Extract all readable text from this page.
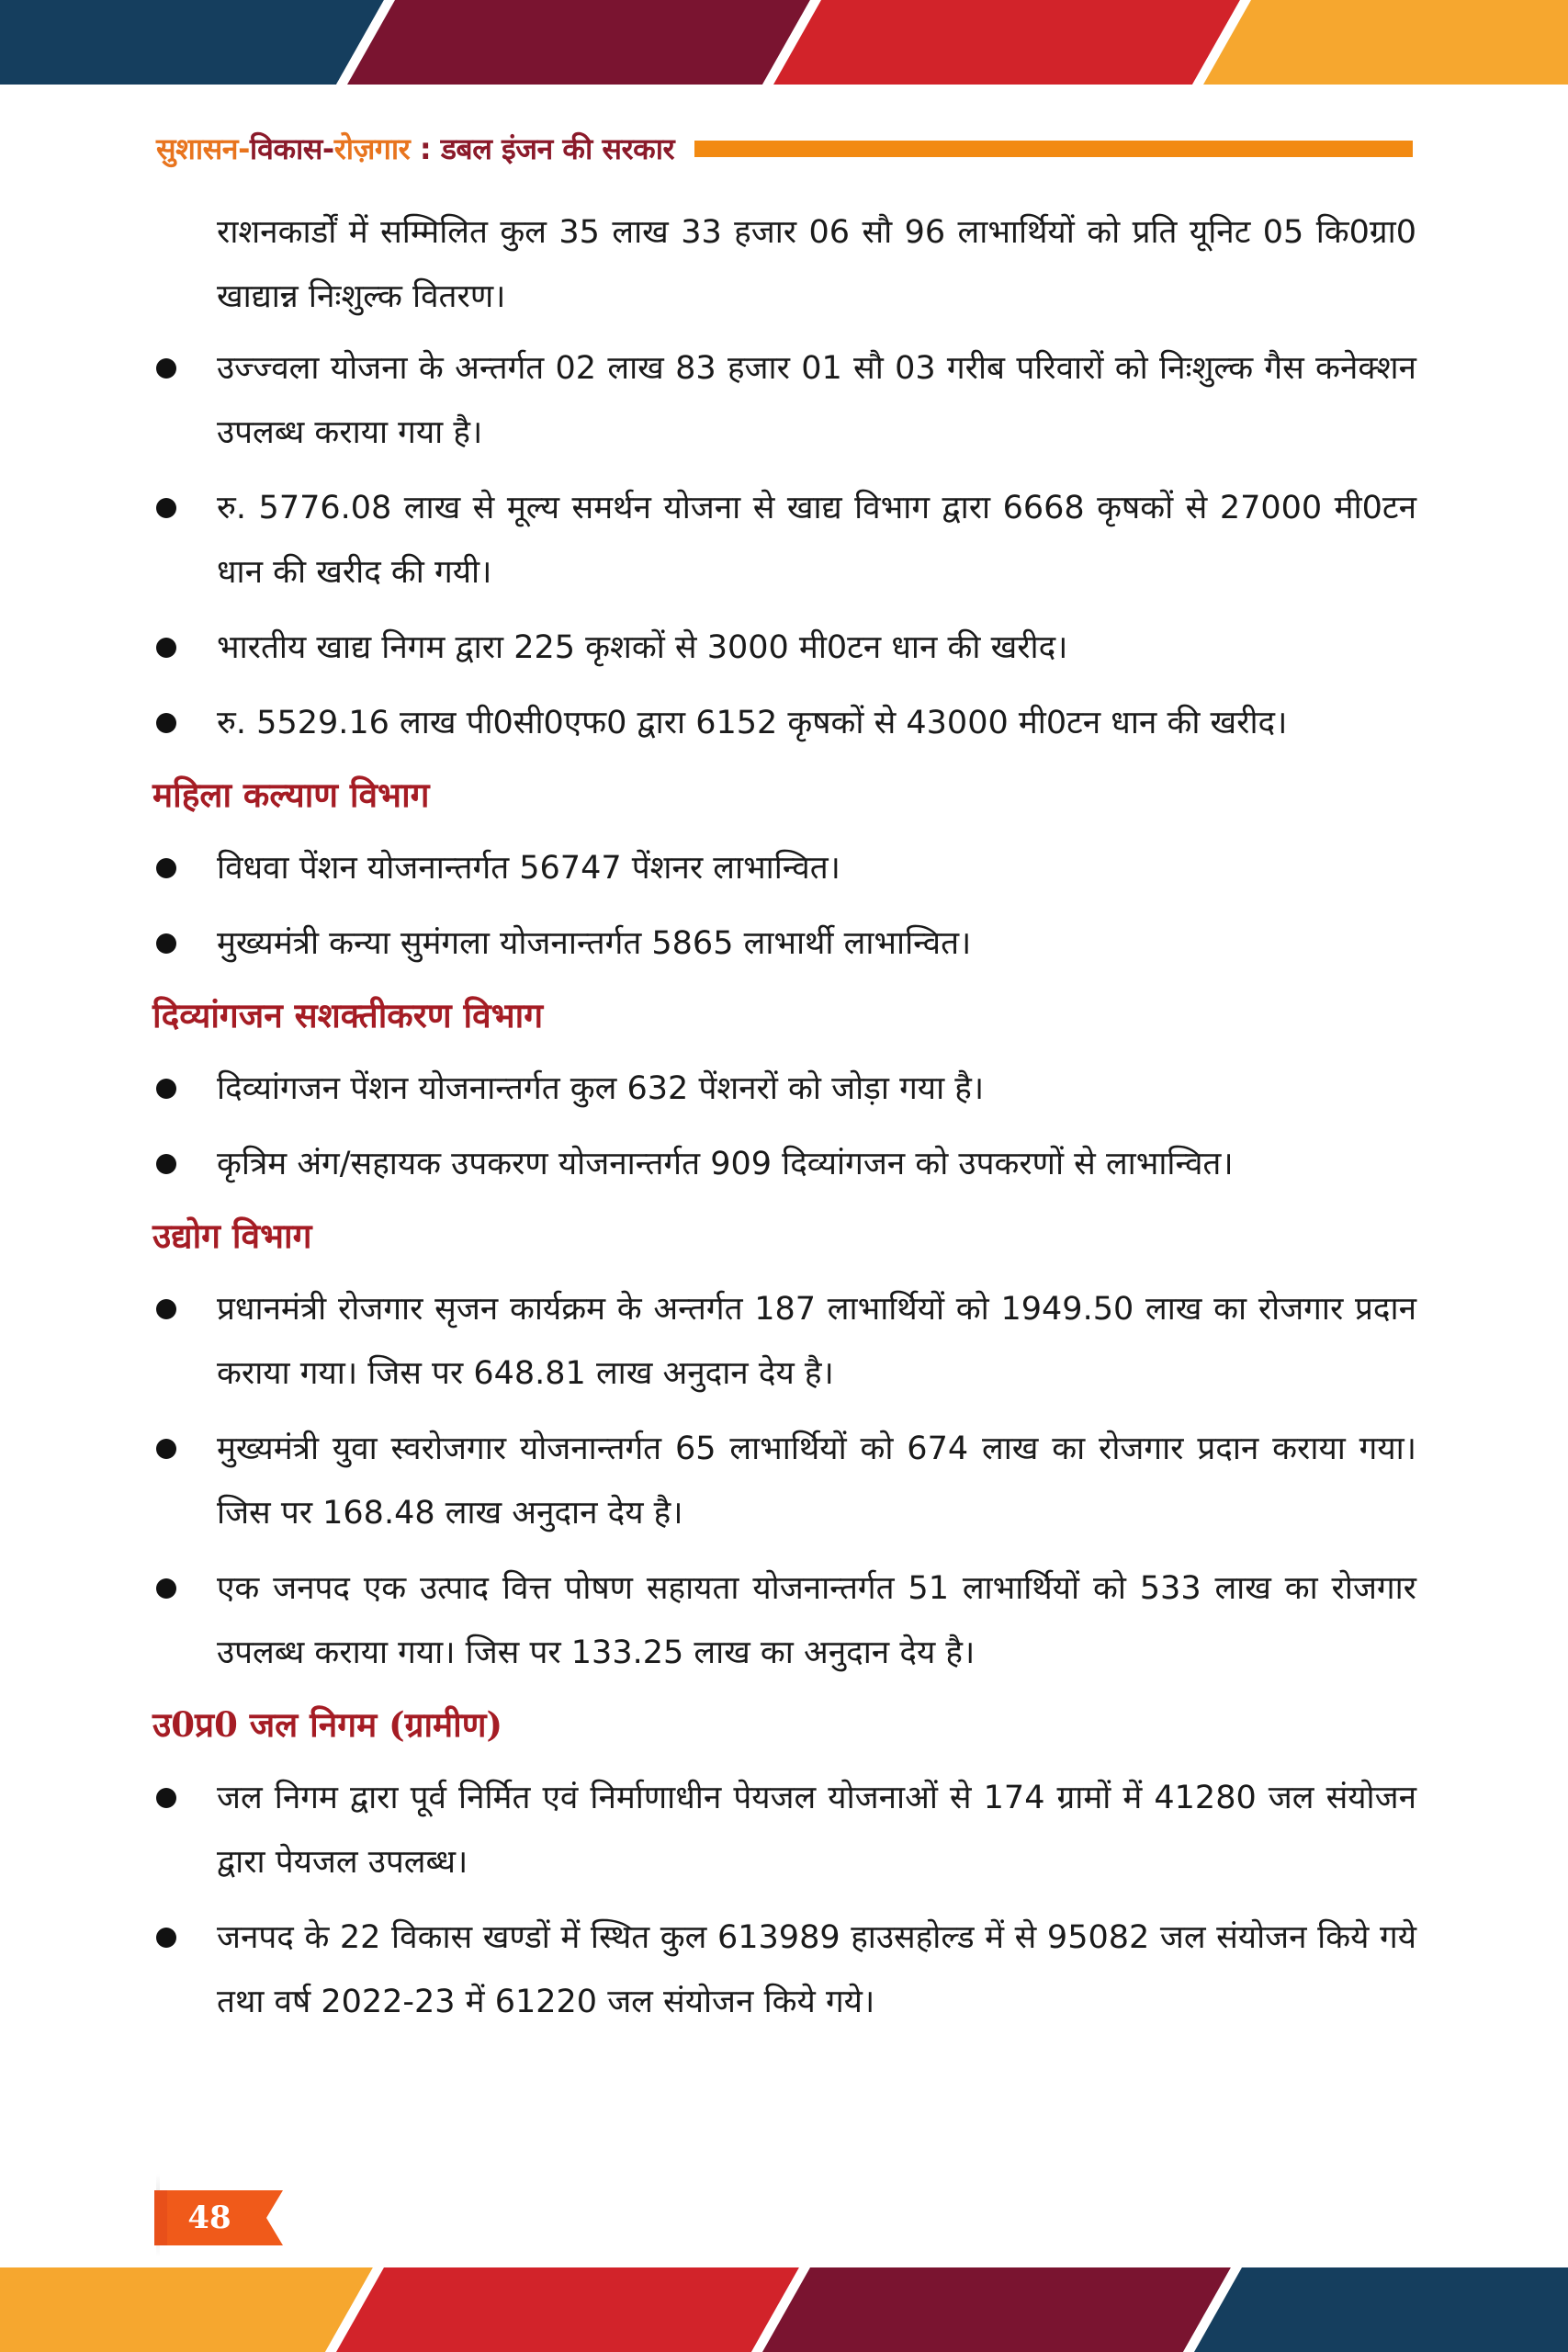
सुशासन-विकास-रोज़गार : डबल इंजन की सरकार
राशनकार्डों में सम्मिलित कुल 35 लाख 33 हजार 06 सौ 96 लाभार्थियों को प्रति यूनिट 05 कि0ग्रा0 खाद्यान्न निःशुल्क वितरण।
उज्ज्वला योजना के अन्तर्गत 02 लाख 83 हजार 01 सौ 03 गरीब परिवारों को निःशुल्क गैस कनेक्शन उपलब्ध कराया गया है।
रु. 5776.08 लाख से मूल्य समर्थन योजना से खाद्य विभाग द्वारा 6668 कृषकों से 27000 मी0टन धान की खरीद की गयी।
भारतीय खाद्य निगम द्वारा 225 कृशकों से 3000 मी0टन धान की खरीद।
रु. 5529.16 लाख पी0सी0एफ0 द्वारा 6152 कृषकों से 43000 मी0टन धान की खरीद।
महिला कल्याण विभाग
विधवा पेंशन योजनान्तर्गत 56747 पेंशनर लाभान्वित।
मुख्यमंत्री कन्या सुमंगला योजनान्तर्गत 5865 लाभार्थी लाभान्वित।
दिव्यांगजन सशक्तीकरण विभाग
दिव्यांगजन पेंशन योजनान्तर्गत कुल 632 पेंशनरों को जोड़ा गया है।
कृत्रिम अंग/सहायक उपकरण योजनान्तर्गत 909 दिव्यांगजन को उपकरणों से लाभान्वित।
उद्योग विभाग
प्रधानमंत्री रोजगार सृजन कार्यक्रम के अन्तर्गत 187 लाभार्थियों को 1949.50 लाख का रोजगार प्रदान कराया गया। जिस पर 648.81 लाख अनुदान देय है।
मुख्यमंत्री युवा स्वरोजगार योजनान्तर्गत 65 लाभार्थियों को 674 लाख का रोजगार प्रदान कराया गया। जिस पर 168.48 लाख अनुदान देय है।
एक जनपद एक उत्पाद वित्त पोषण सहायता योजनान्तर्गत 51 लाभार्थियों को 533 लाख का रोजगार उपलब्ध कराया गया। जिस पर 133.25 लाख का अनुदान देय है।
उ0प्र0 जल निगम (ग्रामीण)
जल निगम द्वारा पूर्व निर्मित एवं निर्माणाधीन पेयजल योजनाओं से 174 ग्रामों में 41280 जल संयोजन द्वारा पेयजल उपलब्ध।
जनपद के 22 विकास खण्डों में स्थित कुल 613989 हाउसहोल्ड में से 95082 जल संयोजन किये गये तथा वर्ष 2022-23 में 61220 जल संयोजन किये गये।
48
